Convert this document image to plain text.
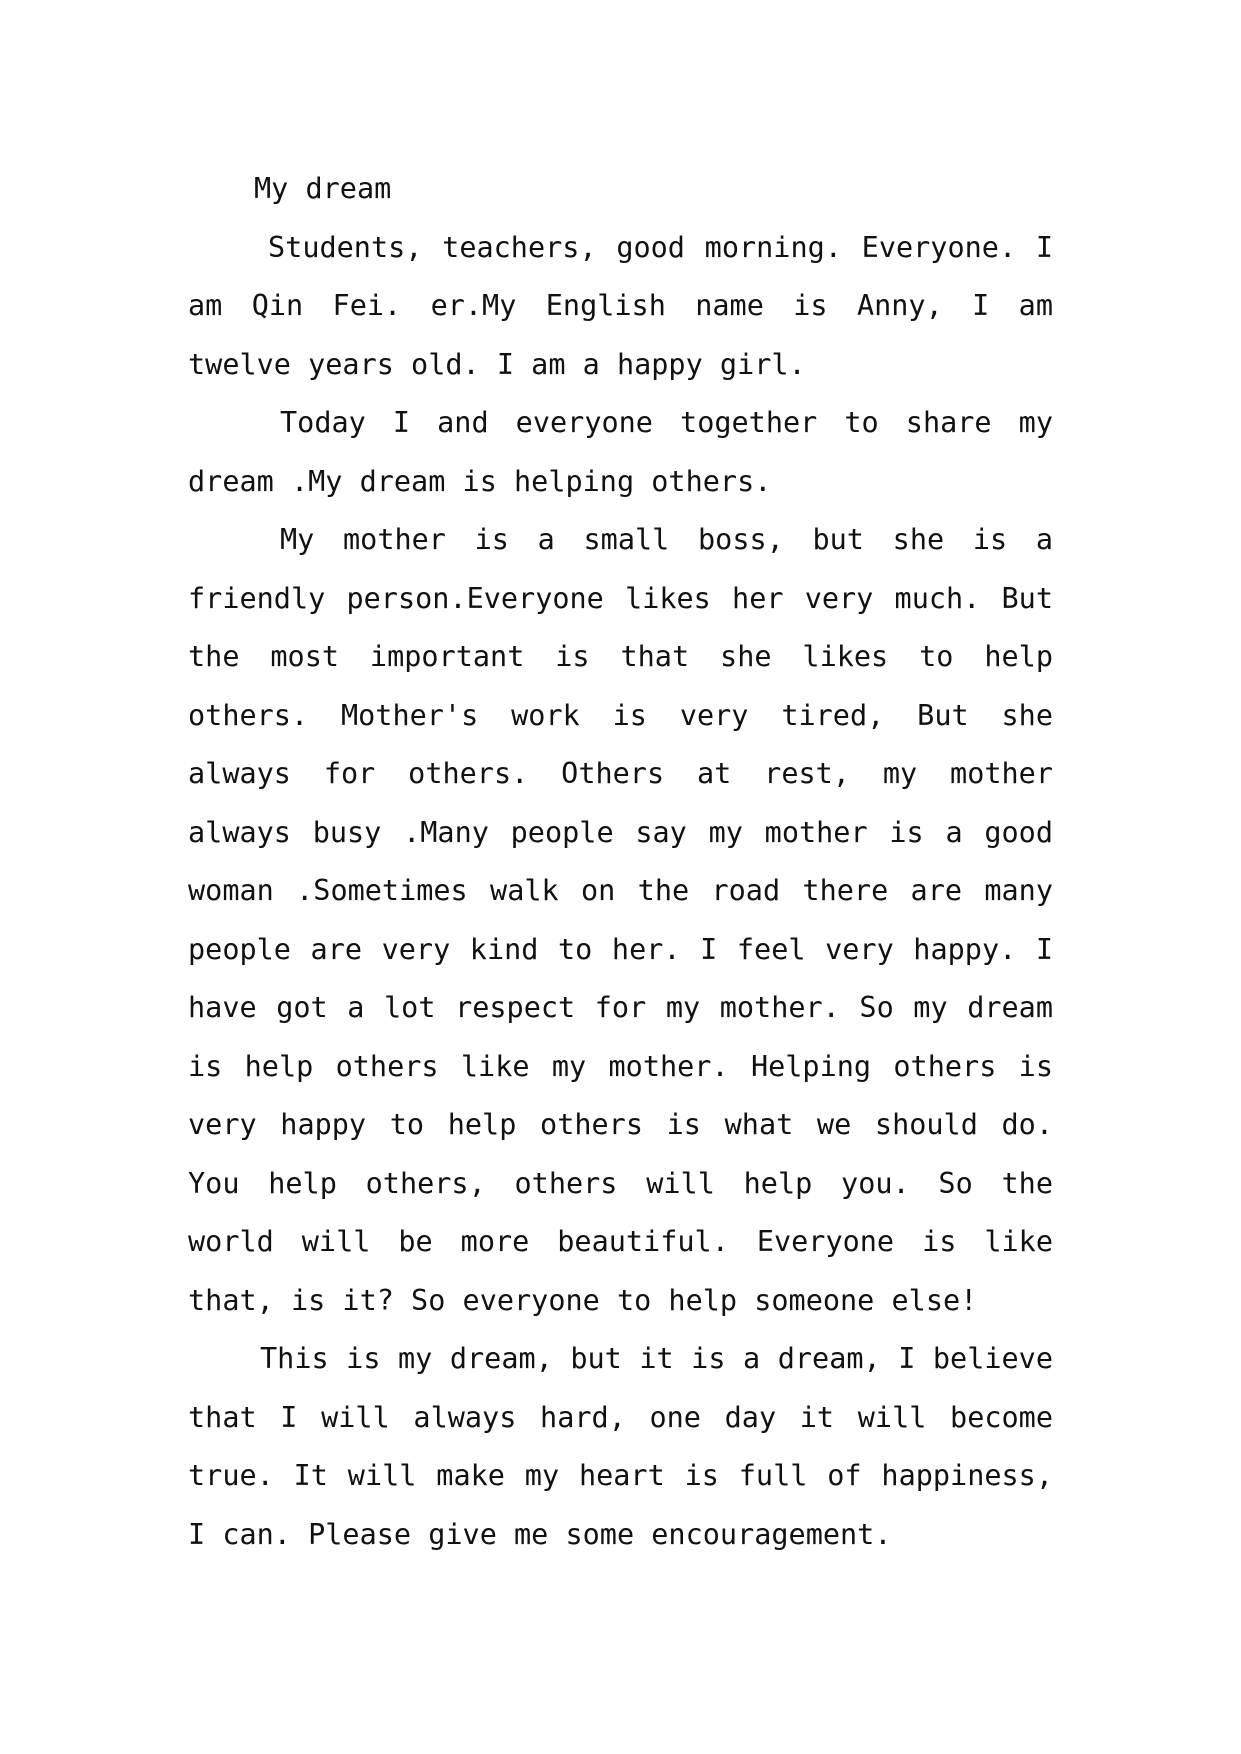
My dream

Students, teachers, good morning. Everyone. I am Qin Fei. er.My English name is Anny, I am twelve years old. I am a happy girl.

Today I and everyone together to share my dream .My dream is helping others.

My mother is a small boss, but she is a friendly person.Everyone likes her very much. But the most important is that she likes to help others. Mother's work is very tired, But she always for others. Others at rest, my mother always busy .Many people say my mother is a good woman .Sometimes walk on the road there are many people are very kind to her. I feel very happy. I have got a lot respect for my mother. So my dream is help others like my mother. Helping others is very happy to help others is what we should do. You help others, others will help you. So the world will be more beautiful. Everyone is like that, is it? So everyone to help someone else!

This is my dream, but it is a dream, I believe that I will always hard, one day it will become true. It will make my heart is full of happiness, I can. Please give me some encouragement.
